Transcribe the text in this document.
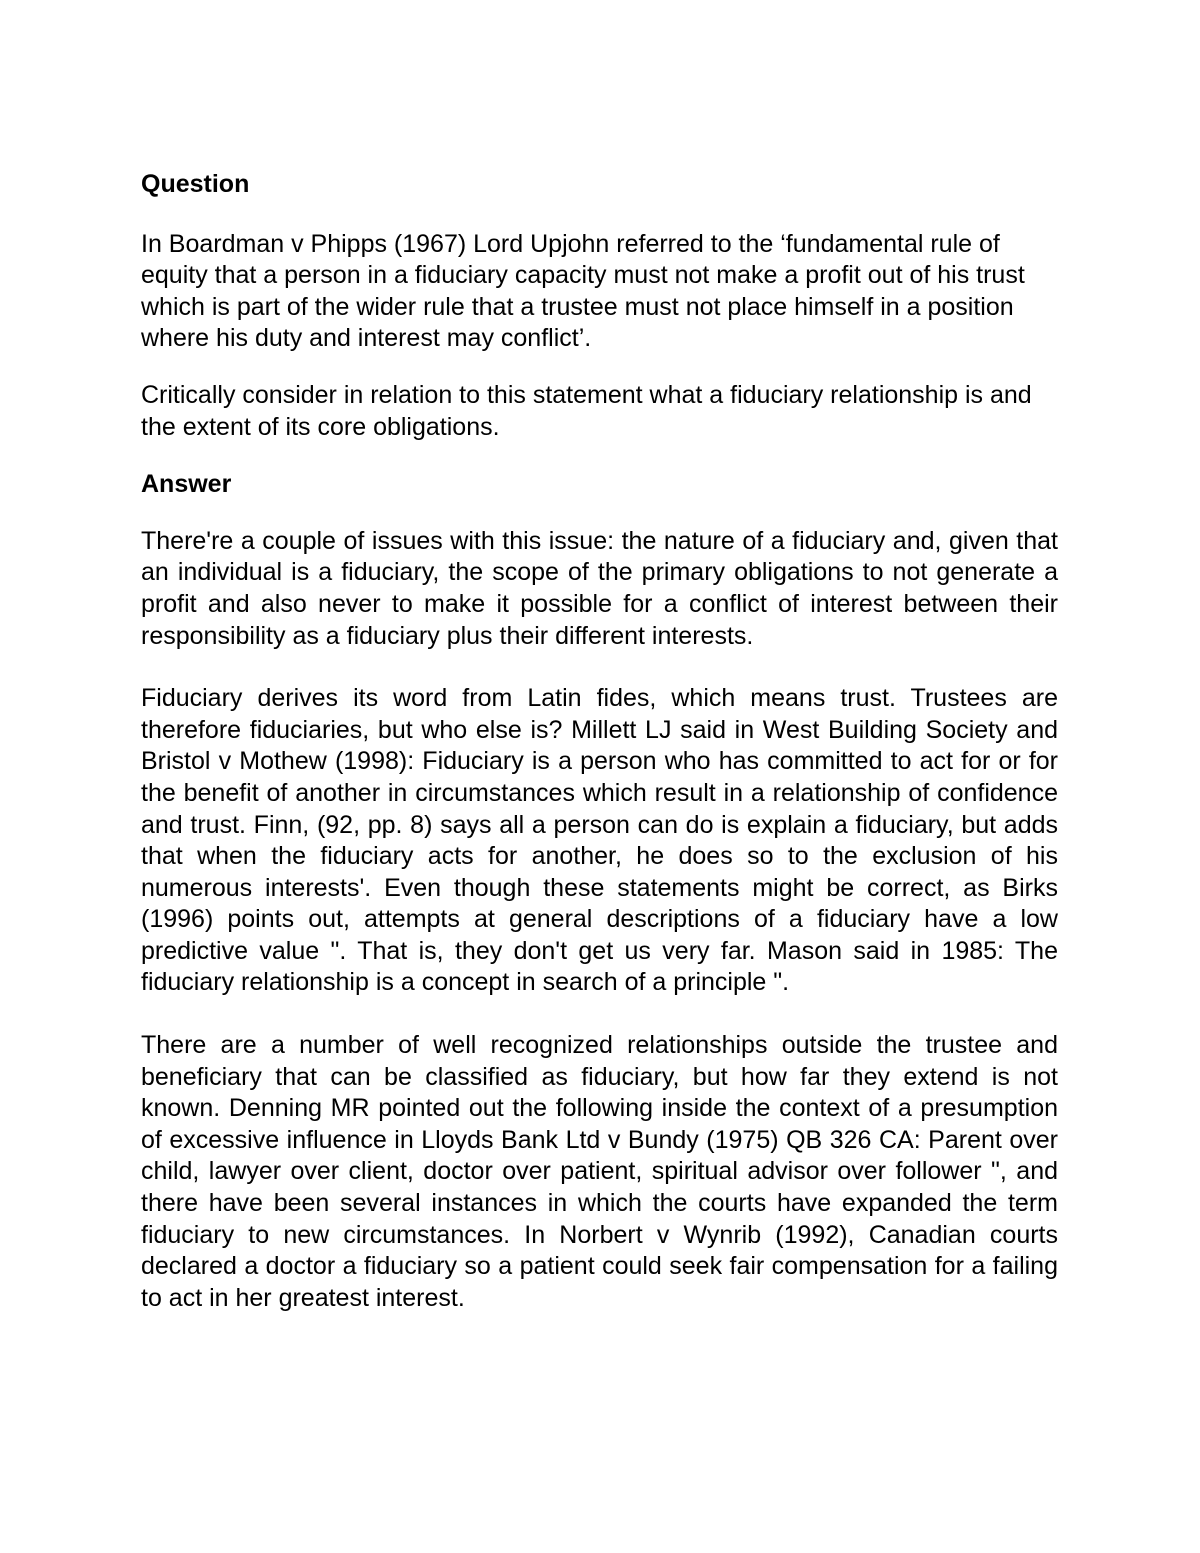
Question

In Boardman v Phipps (1967) Lord Upjohn referred to the ‘fundamental rule of equity that a person in a fiduciary capacity must not make a profit out of his trust which is part of the wider rule that a trustee must not place himself in a position where his duty and interest may conflict’.

Critically consider in relation to this statement what a fiduciary relationship is and the extent of its core obligations.

Answer

There're a couple of issues with this issue: the nature of a fiduciary and, given that an individual is a fiduciary, the scope of the primary obligations to not generate a profit and also never to make it possible for a conflict of interest between their responsibility as a fiduciary plus their different interests.

Fiduciary derives its word from Latin fides, which means trust. Trustees are therefore fiduciaries, but who else is? Millett LJ said in West Building Society and Bristol v Mothew (1998): Fiduciary is a person who has committed to act for or for the benefit of another in circumstances which result in a relationship of confidence and trust. Finn, (92, pp. 8) says all a person can do is explain a fiduciary, but adds that when the fiduciary acts for another, he does so to the exclusion of his numerous interests'. Even though these statements might be correct, as Birks (1996) points out, attempts at general descriptions of a fiduciary have a low predictive value ". That is, they don't get us very far. Mason said in 1985: The fiduciary relationship is a concept in search of a principle ".

There are a number of well recognized relationships outside the trustee and beneficiary that can be classified as fiduciary, but how far they extend is not known. Denning MR pointed out the following inside the context of a presumption of excessive influence in Lloyds Bank Ltd v Bundy (1975) QB 326 CA: Parent over child, lawyer over client, doctor over patient, spiritual advisor over follower ", and there have been several instances in which the courts have expanded the term fiduciary to new circumstances. In Norbert v Wynrib (1992), Canadian courts declared a doctor a fiduciary so a patient could seek fair compensation for a failing to act in her greatest interest.
